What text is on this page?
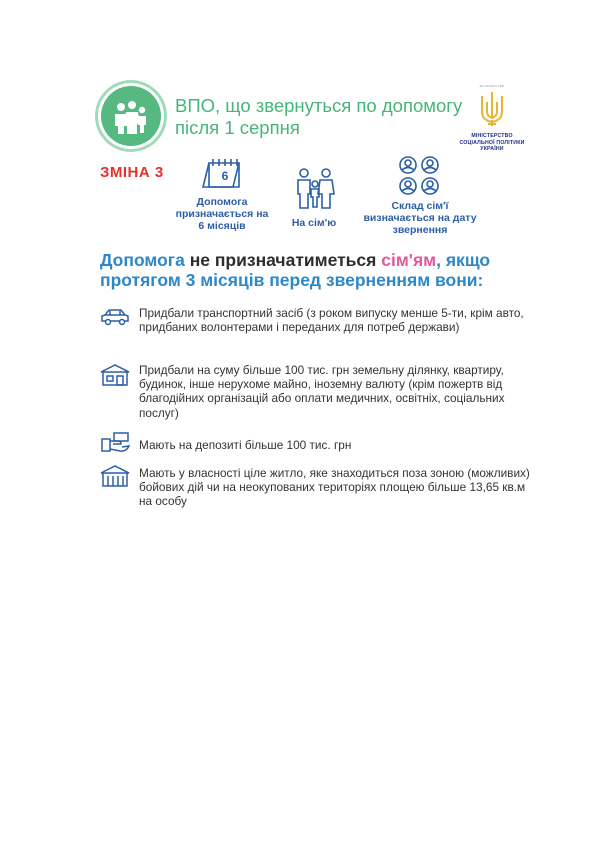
ВПО, що звернуться по допомогу після 1 серпня
МІНІСТЕРСТВО
МІНІСТЕРСТВО
СОЦІАЛЬНОЇ ПОЛІТИКИ
УКРАЇНИ
ЗМІНА 3	6
Допомога призначається на 6 місяців	На сім'ю
Склад сім'ї визначається на дату звернення
Допомога не призначатиметься сім'ям, якщо протягом 3 місяців перед зверненням вони:
Придбали транспортний засіб (з роком випуску менше 5-ти, крім авто, придбаних волонтерами і переданих для потреб держави)
Придбали на суму більше 100 тис. грн земельну ділянку, квартиру, будинок, інше нерухоме майно, іноземну валюту (крім пожертв від благодійних організацій або оплати медичних, освітніх, соціальних послуг)
Мають на депозиті більше 100 тис. грн
Мають у власності ціле житло, яке знаходиться поза зоною (можливих) бойових дій чи на неокупованих територіях площею більше 13,65 кв.м на особу
